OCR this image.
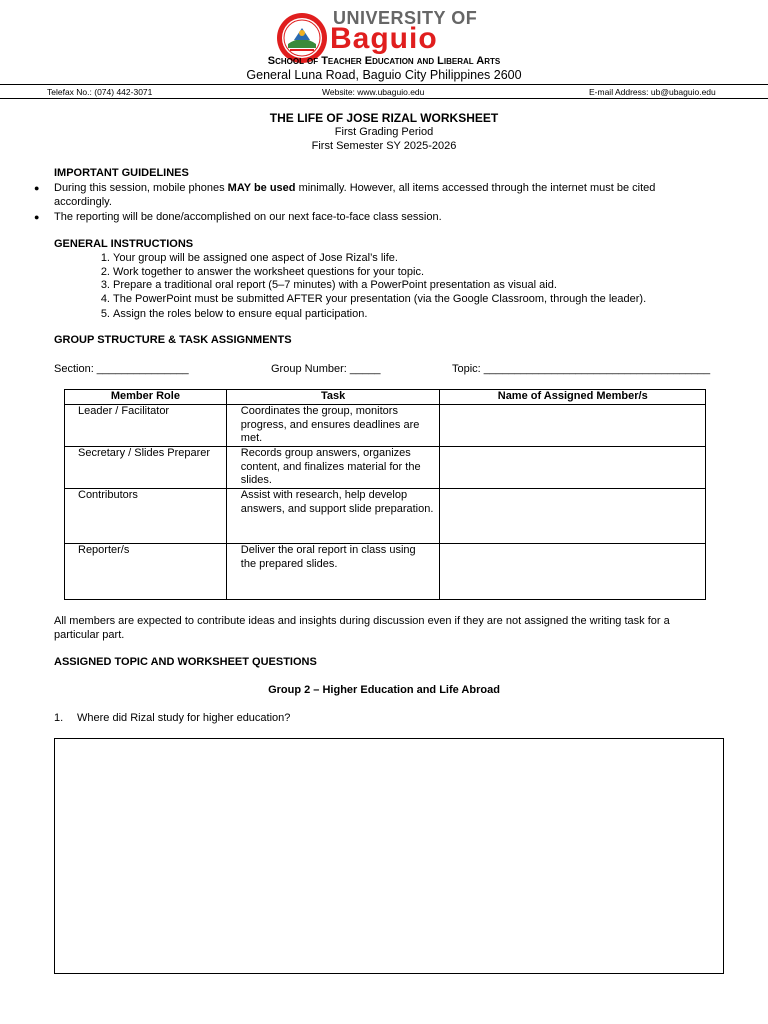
UNIVERSITY OF
Baguio
School of Teacher Education and Liberal Arts
General Luna Road, Baguio City Philippines 2600
Telefax No.: (074) 442-3071	Website: www.ubaguio.edu	E-mail Address: ub@ubaguio.edu
THE LIFE OF JOSE RIZAL WORKSHEET
First Grading Period
First Semester SY 2025-2026
IMPORTANT GUIDELINES
● During this session, mobile phones MAY be used minimally. However, all items accessed through the internet must be cited
accordingly.
● The reporting will be done/accomplished on our next face-to-face class session.
GENERAL INSTRUCTIONS
1. Your group will be assigned one aspect of Jose Rizal’s life.
2. Work together to answer the worksheet questions for your topic.
3. Prepare a traditional oral report (5–7 minutes) with a PowerPoint presentation as visual aid.
4. The PowerPoint must be submitted AFTER your presentation (via the Google Classroom, through the leader).
5. Assign the roles below to ensure equal participation.
GROUP STRUCTURE & TASK ASSIGNMENTS
Section: _______________	Group Number: _____	Topic: _____________________________________
Member Role	Task	Name of Assigned Member/s
Leader / Facilitator	Coordinates the group, monitors progress, and ensures deadlines are met.	
Secretary / Slides Preparer	Records group answers, organizes content, and finalizes material for the slides.	
Contributors	Assist with research, help develop answers, and support slide preparation.	
Reporter/s	Deliver the oral report in class using the prepared slides.	
All members are expected to contribute ideas and insights during discussion even if they are not assigned the writing task for a
particular part.
ASSIGNED TOPIC AND WORKSHEET QUESTIONS
Group 2 – Higher Education and Life Abroad
1. Where did Rizal study for higher education?
